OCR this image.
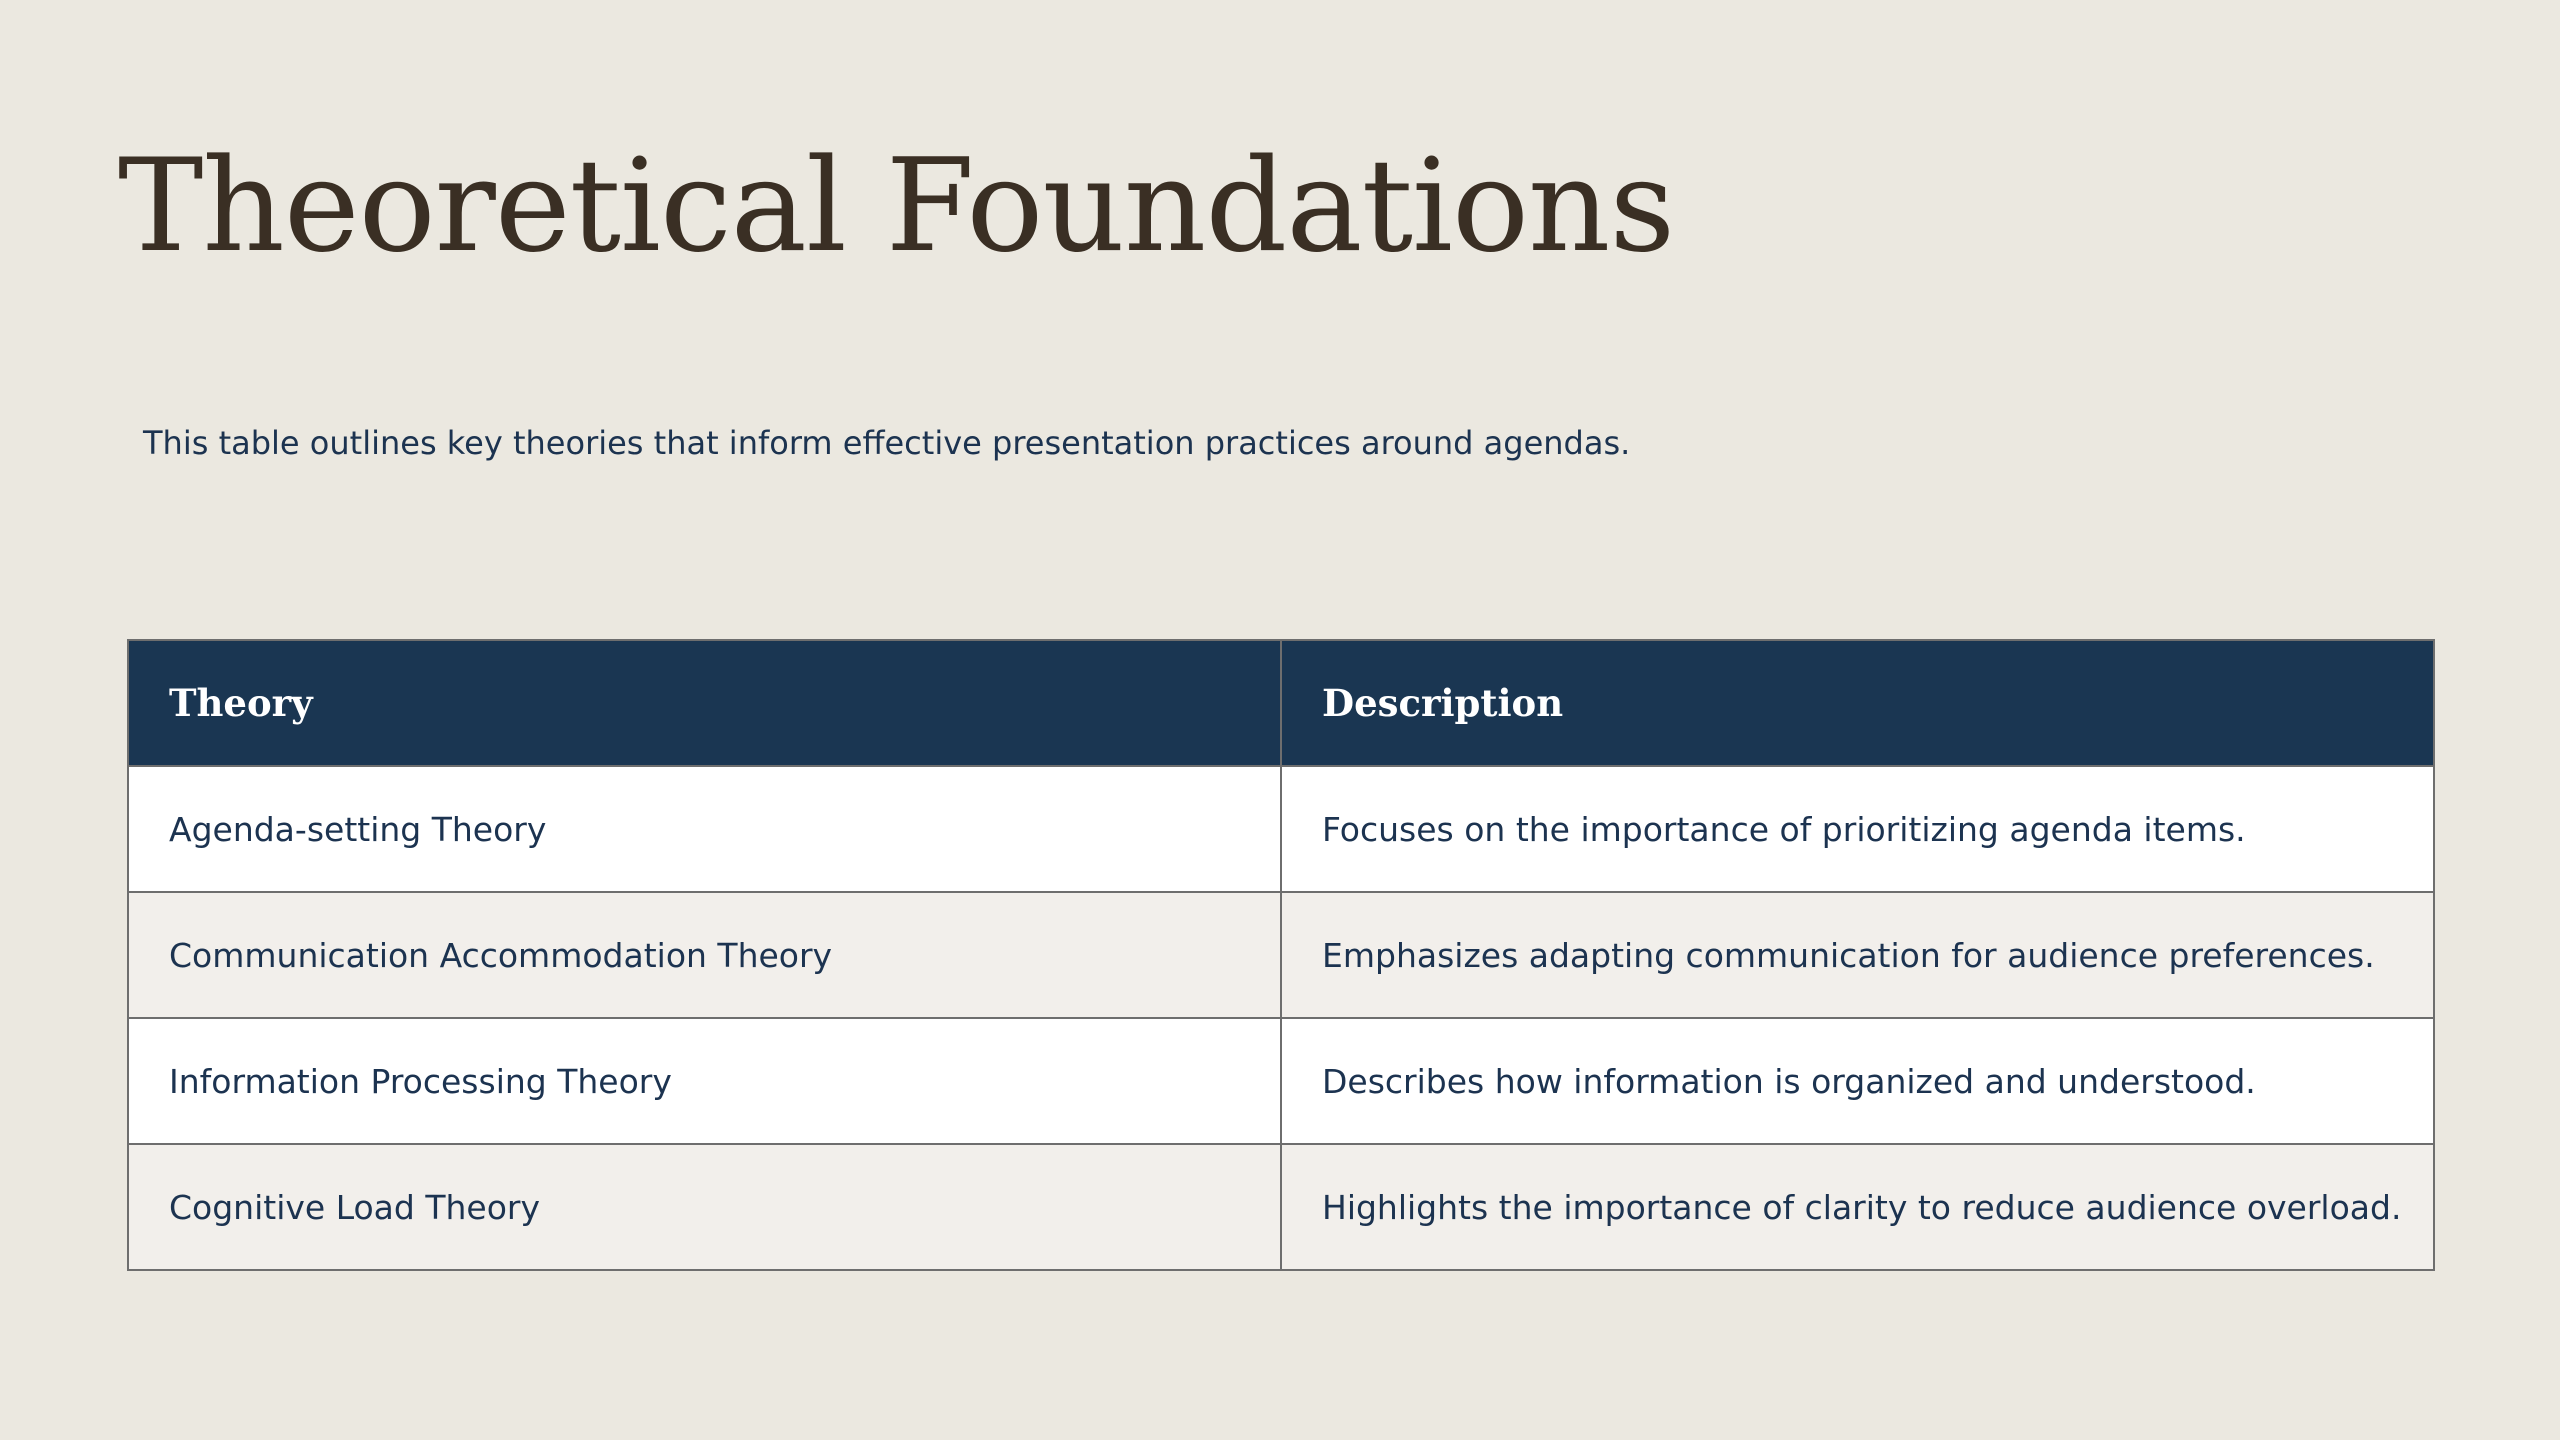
Theoretical Foundations

This table outlines key theories that inform effective presentation practices around agendas.

Theory	Description
Agenda-setting Theory	Focuses on the importance of prioritizing agenda items.
Communication Accommodation Theory	Emphasizes adapting communication for audience preferences.
Information Processing Theory	Describes how information is organized and understood.
Cognitive Load Theory	Highlights the importance of clarity to reduce audience overload.
